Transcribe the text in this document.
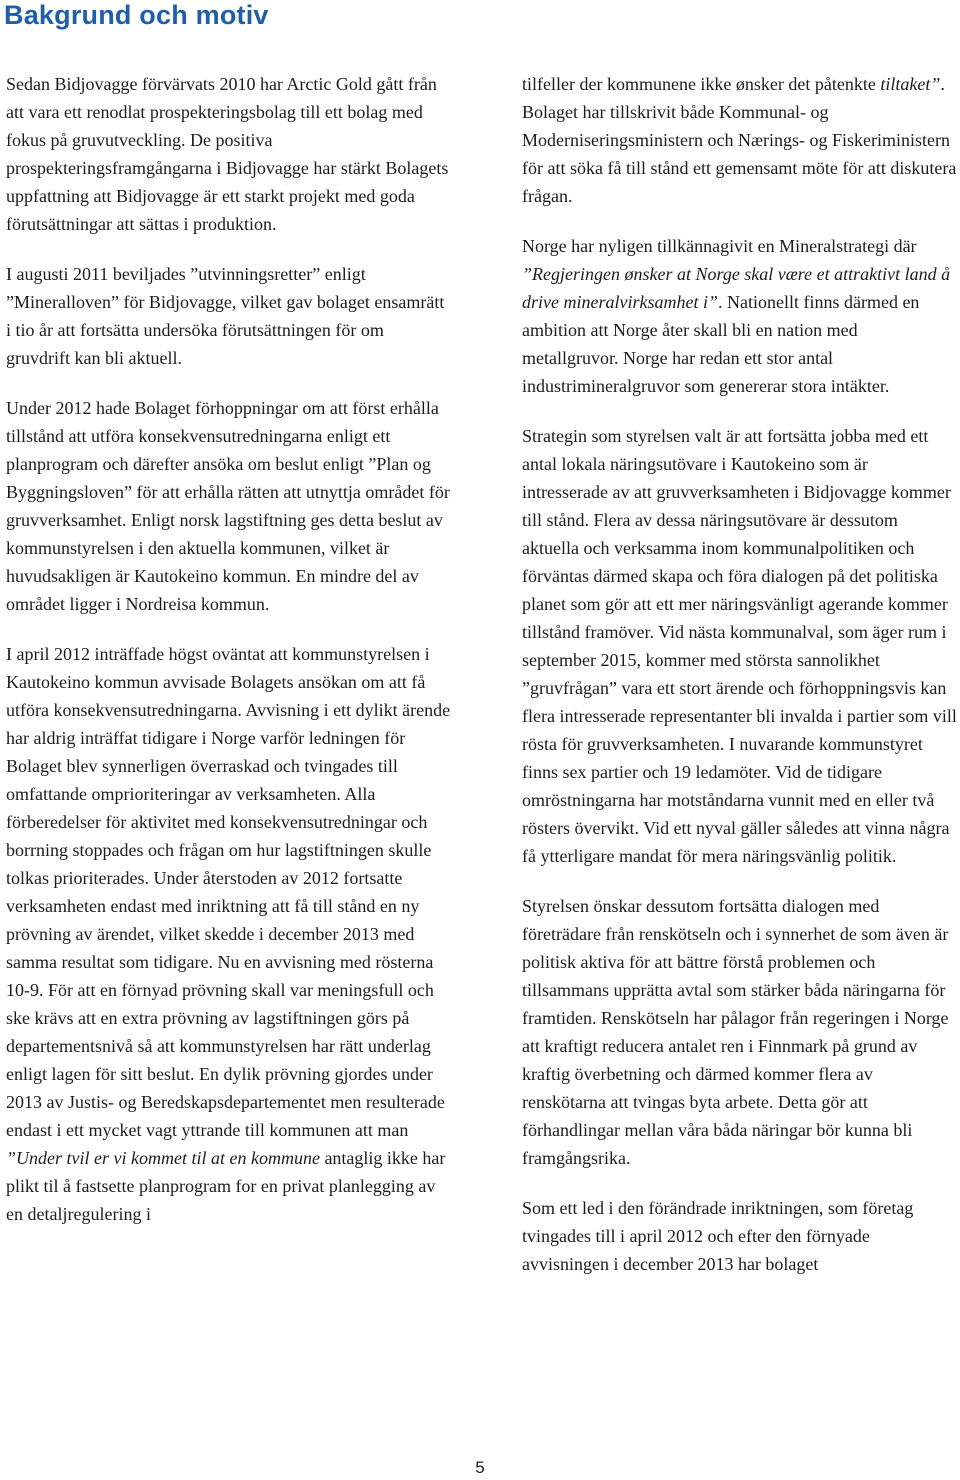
Bakgrund och motiv

Sedan Bidjovagge förvärvats 2010 har Arctic Gold gått från att vara ett renodlat prospekteringsbolag till ett bolag med fokus på gruvutveckling. De positiva prospekteringsframgångarna i Bidjovagge har stärkt Bolagets uppfattning att Bidjovagge är ett starkt projekt med goda förutsättningar att sättas i produktion.

I augusti 2011 beviljades ”utvinningsretter” enligt ”Mineralloven” för Bidjovagge, vilket gav bolaget ensamrätt i tio år att fortsätta undersöka förutsättningen för om gruvdrift kan bli aktuell.

Under 2012 hade Bolaget förhoppningar om att först erhålla tillstånd att utföra konsekvensutredningarna enligt ett planprogram och därefter ansöka om beslut enligt ”Plan og Byggningsloven” för att erhålla rätten att utnyttja området för gruvverksamhet. Enligt norsk lagstiftning ges detta beslut av kommunstyrelsen i den aktuella kommunen, vilket är huvudsakligen är Kautokeino kommun. En mindre del av området ligger i Nordreisa kommun.

I april 2012 inträffade högst oväntat att kommunstyrelsen i Kautokeino kommun avvisade Bolagets ansökan om att få utföra konsekvensutredningarna. Avvisning i ett dylikt ärende har aldrig inträffat tidigare i Norge varför ledningen för Bolaget blev synnerligen överraskad och tvingades till omfattande omprioriteringar av verksamheten. Alla förberedelser för aktivitet med konsekvensutredningar och borrning stoppades och frågan om hur lagstiftningen skulle tolkas prioriterades. Under återstoden av 2012 fortsatte verksamheten endast med inriktning att få till stånd en ny prövning av ärendet, vilket skedde i december 2013 med samma resultat som tidigare. Nu en avvisning med rösterna 10-9. För att en förnyad prövning skall var meningsfull och ske krävs att en extra prövning av lagstiftningen görs på departementsnivå så att kommunstyrelsen har rätt underlag enligt lagen för sitt beslut. En dylik prövning gjordes under 2013 av Justis- og Beredskapsdepartementet men resulterade endast i ett mycket vagt yttrande till kommunen att man ”Under tvil er vi kommet til at en kommune antaglig ikke har plikt til å fastsette planprogram for en privat planlegging av en detaljregulering i

tilfeller der kommunene ikke ønsker det påtenkte tiltaket”. Bolaget har tillskrivit både Kommunal- og Moderniseringsministern och Nærings- og Fiskeriministern för att söka få till stånd ett gemensamt möte för att diskutera frågan.

Norge har nyligen tillkännagivit en Mineralstrategi där ”Regjeringen ønsker at Norge skal være et attraktivt land å drive mineralvirksamhet i”. Nationellt finns därmed en ambition att Norge åter skall bli en nation med metallgruvor. Norge har redan ett stor antal industrimineralgruvor som genererar stora intäkter.

Strategin som styrelsen valt är att fortsätta jobba med ett antal lokala näringsutövare i Kautokeino som är intresserade av att gruvverksamheten i Bidjovagge kommer till stånd. Flera av dessa näringsutövare är dessutom aktuella och verksamma inom kommunalpolitiken och förväntas därmed skapa och föra dialogen på det politiska planet som gör att ett mer näringsvänligt agerande kommer tillstånd framöver. Vid nästa kommunalval, som äger rum i september 2015, kommer med största sannolikhet ”gruvfrågan” vara ett stort ärende och förhoppningsvis kan flera intresserade representanter bli invalda i partier som vill rösta för gruvverksamheten. I nuvarande kommunstyret finns sex partier och 19 ledamöter. Vid de tidigare omröstningarna har motståndarna vunnit med en eller två rösters övervikt. Vid ett nyval gäller således att vinna några få ytterligare mandat för mera näringsvänlig politik.

Styrelsen önskar dessutom fortsätta dialogen med företrädare från renskötseln och i synnerhet de som även är politisk aktiva för att bättre förstå problemen och tillsammans upprätta avtal som stärker båda näringarna för framtiden. Renskötseln har pålagor från regeringen i Norge att kraftigt reducera antalet ren i Finnmark på grund av kraftig överbetning och därmed kommer flera av renskötarna att tvingas byta arbete. Detta gör att förhandlingar mellan våra båda näringar bör kunna bli framgångsrika.

Som ett led i den förändrade inriktningen, som företag tvingades till i april 2012 och efter den förnyade avvisningen i december 2013 har bolaget

5
